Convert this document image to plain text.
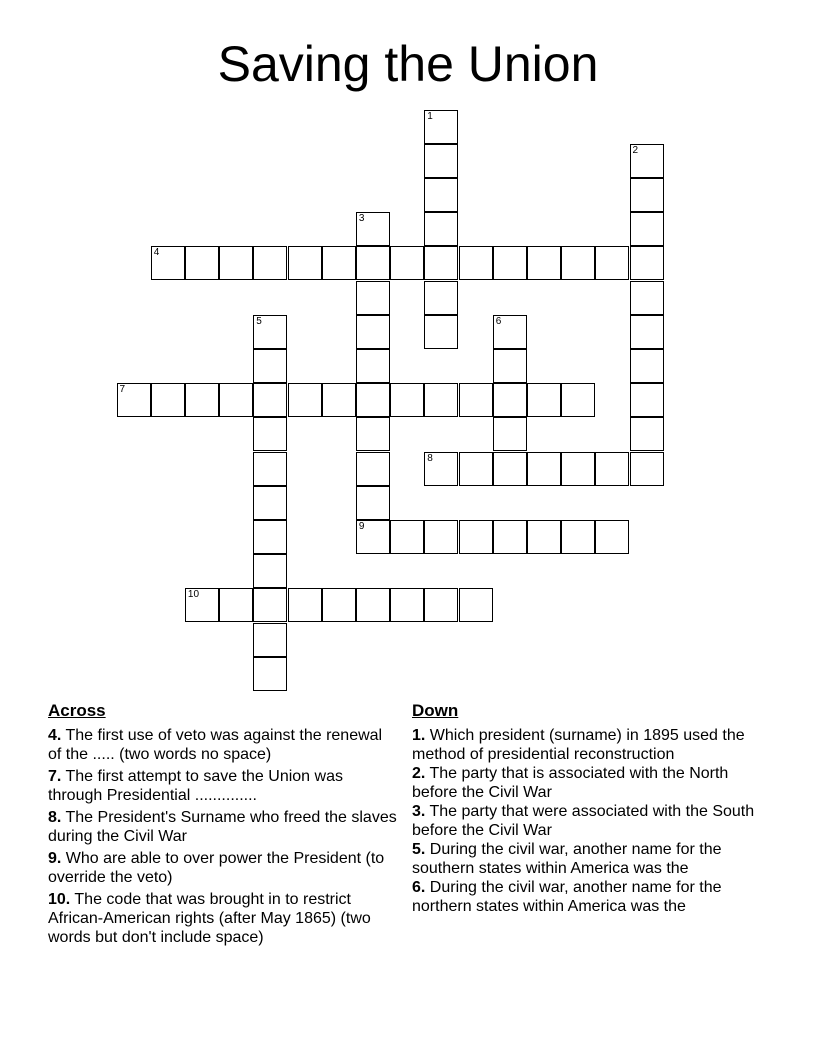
Saving the Union
1
2
3
4
5	6
7
8
9
10
Across
4. The first use of veto was against the renewal of the ..... (two words no space)
7. The first attempt to save the Union was through Presidential ..............
8. The President's Surname who freed the slaves during the Civil War
9. Who are able to over power the President (to override the veto)
10. The code that was brought in to restrict African-American rights (after May 1865) (two words but don't include space)
Down
1. Which president (surname) in 1895 used the method of presidential reconstruction
2. The party that is associated with the North before the Civil War
3. The party that were associated with the South before the Civil War
5. During the civil war, another name for the southern states within America was the
6. During the civil war, another name for the northern states within America was the
